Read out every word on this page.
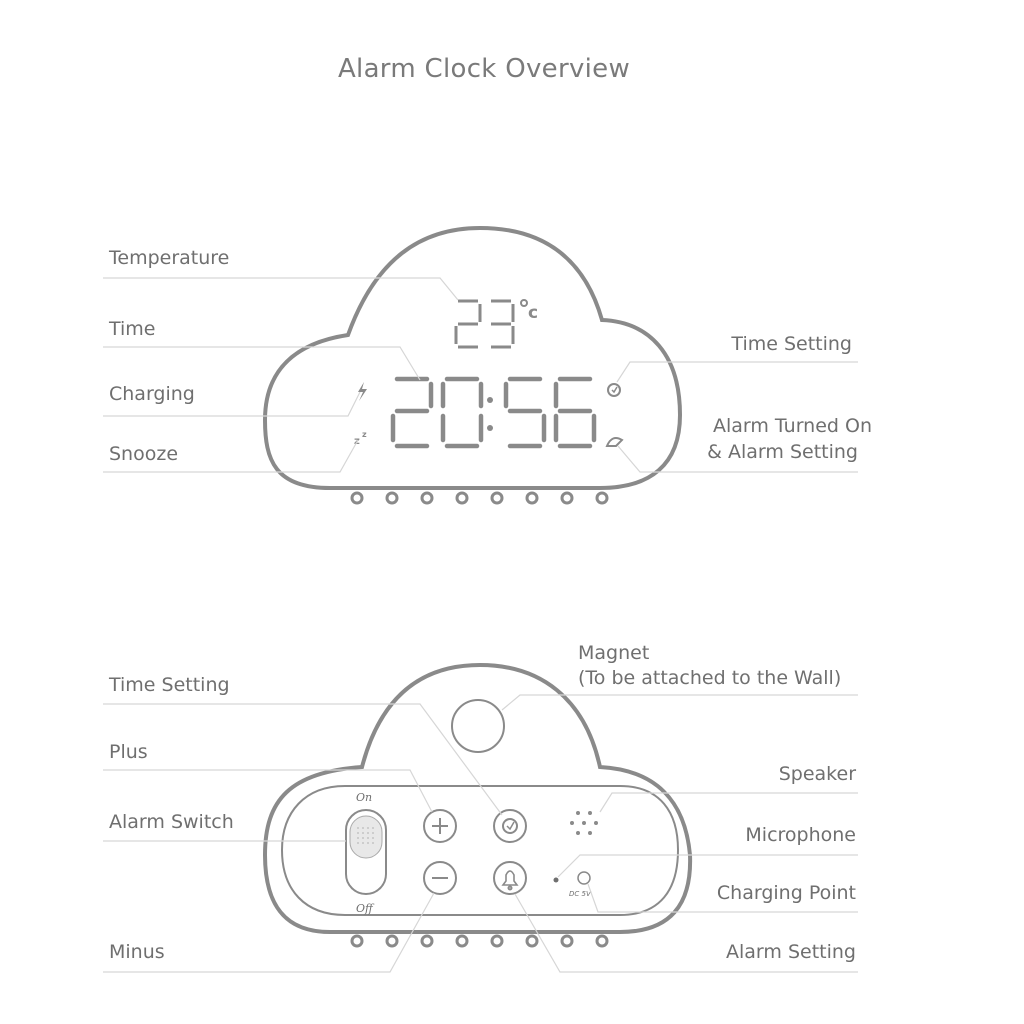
Alarm Clock Overview
c
z
z
On
Off
DC 5V
Temperature
Time
Charging
Snooze
Time Setting
Alarm Turned On
& Alarm Setting
Time Setting
Plus
Alarm Switch
Minus
Magnet
(To be attached to the Wall)
Speaker
Microphone
Charging Point
Alarm Setting
